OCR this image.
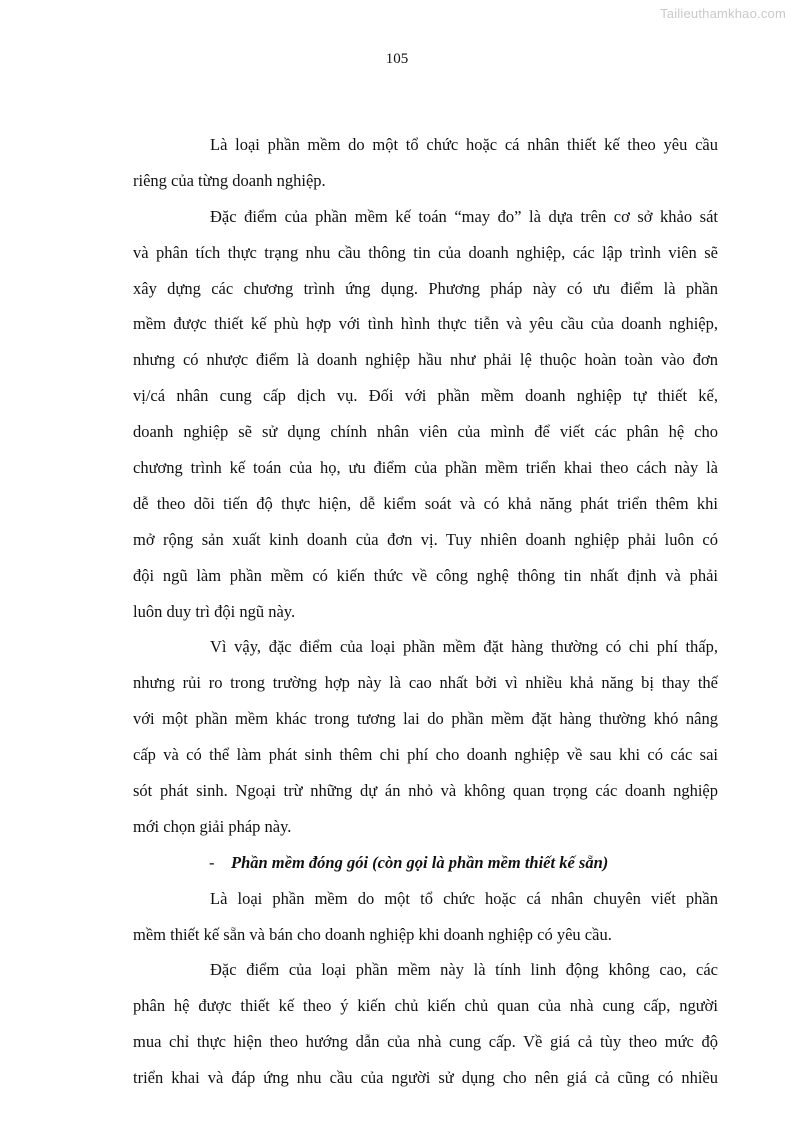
Tailieuthamkhao.com
105
Là loại phần mềm do một tổ chức hoặc cá nhân thiết kế theo yêu cầu
riêng của từng doanh nghiệp.
Đặc điểm của phần mềm kế toán “may đo” là dựa trên cơ sở khảo sát
và phân tích thực trạng nhu cầu thông tin của doanh nghiệp, các lập trình viên sẽ
xây dựng các chương trình ứng dụng. Phương pháp này có ưu điểm là phần
mềm được thiết kế phù hợp với tình hình thực tiễn và yêu cầu của doanh nghiệp,
nhưng có nhược điểm là doanh nghiệp hầu như phải lệ thuộc hoàn toàn vào đơn
vị/cá nhân cung cấp dịch vụ. Đối với phần mềm doanh nghiệp tự thiết kế,
doanh nghiệp sẽ sử dụng chính nhân viên của mình để viết các phân hệ cho
chương trình kế toán của họ, ưu điểm của phần mềm triển khai theo cách này là
dễ theo dõi tiến độ thực hiện, dễ kiểm soát và có khả năng phát triển thêm khi
mở rộng sản xuất kinh doanh của đơn vị. Tuy nhiên doanh nghiệp phải luôn có
đội ngũ làm phần mềm có kiến thức về công nghệ thông tin nhất định và phải
luôn duy trì đội ngũ này.
Vì vậy, đặc điểm của loại phần mềm đặt hàng thường có chi phí thấp,
nhưng rủi ro trong trường hợp này là cao nhất bởi vì nhiều khả năng bị thay thế
với một phần mềm khác trong tương lai do phần mềm đặt hàng thường khó nâng
cấp và có thể làm phát sinh thêm chi phí cho doanh nghiệp về sau khi có các sai
sót phát sinh. Ngoại trừ những dự án nhỏ và không quan trọng các doanh nghiệp
mới chọn giải pháp này.
- Phần mềm đóng gói (còn gọi là phần mềm thiết kế sẵn)
Là loại phần mềm do một tổ chức hoặc cá nhân chuyên viết phần
mềm thiết kế sẵn và bán cho doanh nghiệp khi doanh nghiệp có yêu cầu.
Đặc điểm của loại phần mềm này là tính linh động không cao, các
phân hệ được thiết kế theo ý kiến chủ kiến chủ quan của nhà cung cấp, người
mua chỉ thực hiện theo hướng dẫn của nhà cung cấp. Về giá cả tùy theo mức độ
triển khai và đáp ứng nhu cầu của người sử dụng cho nên giá cả cũng có nhiều
